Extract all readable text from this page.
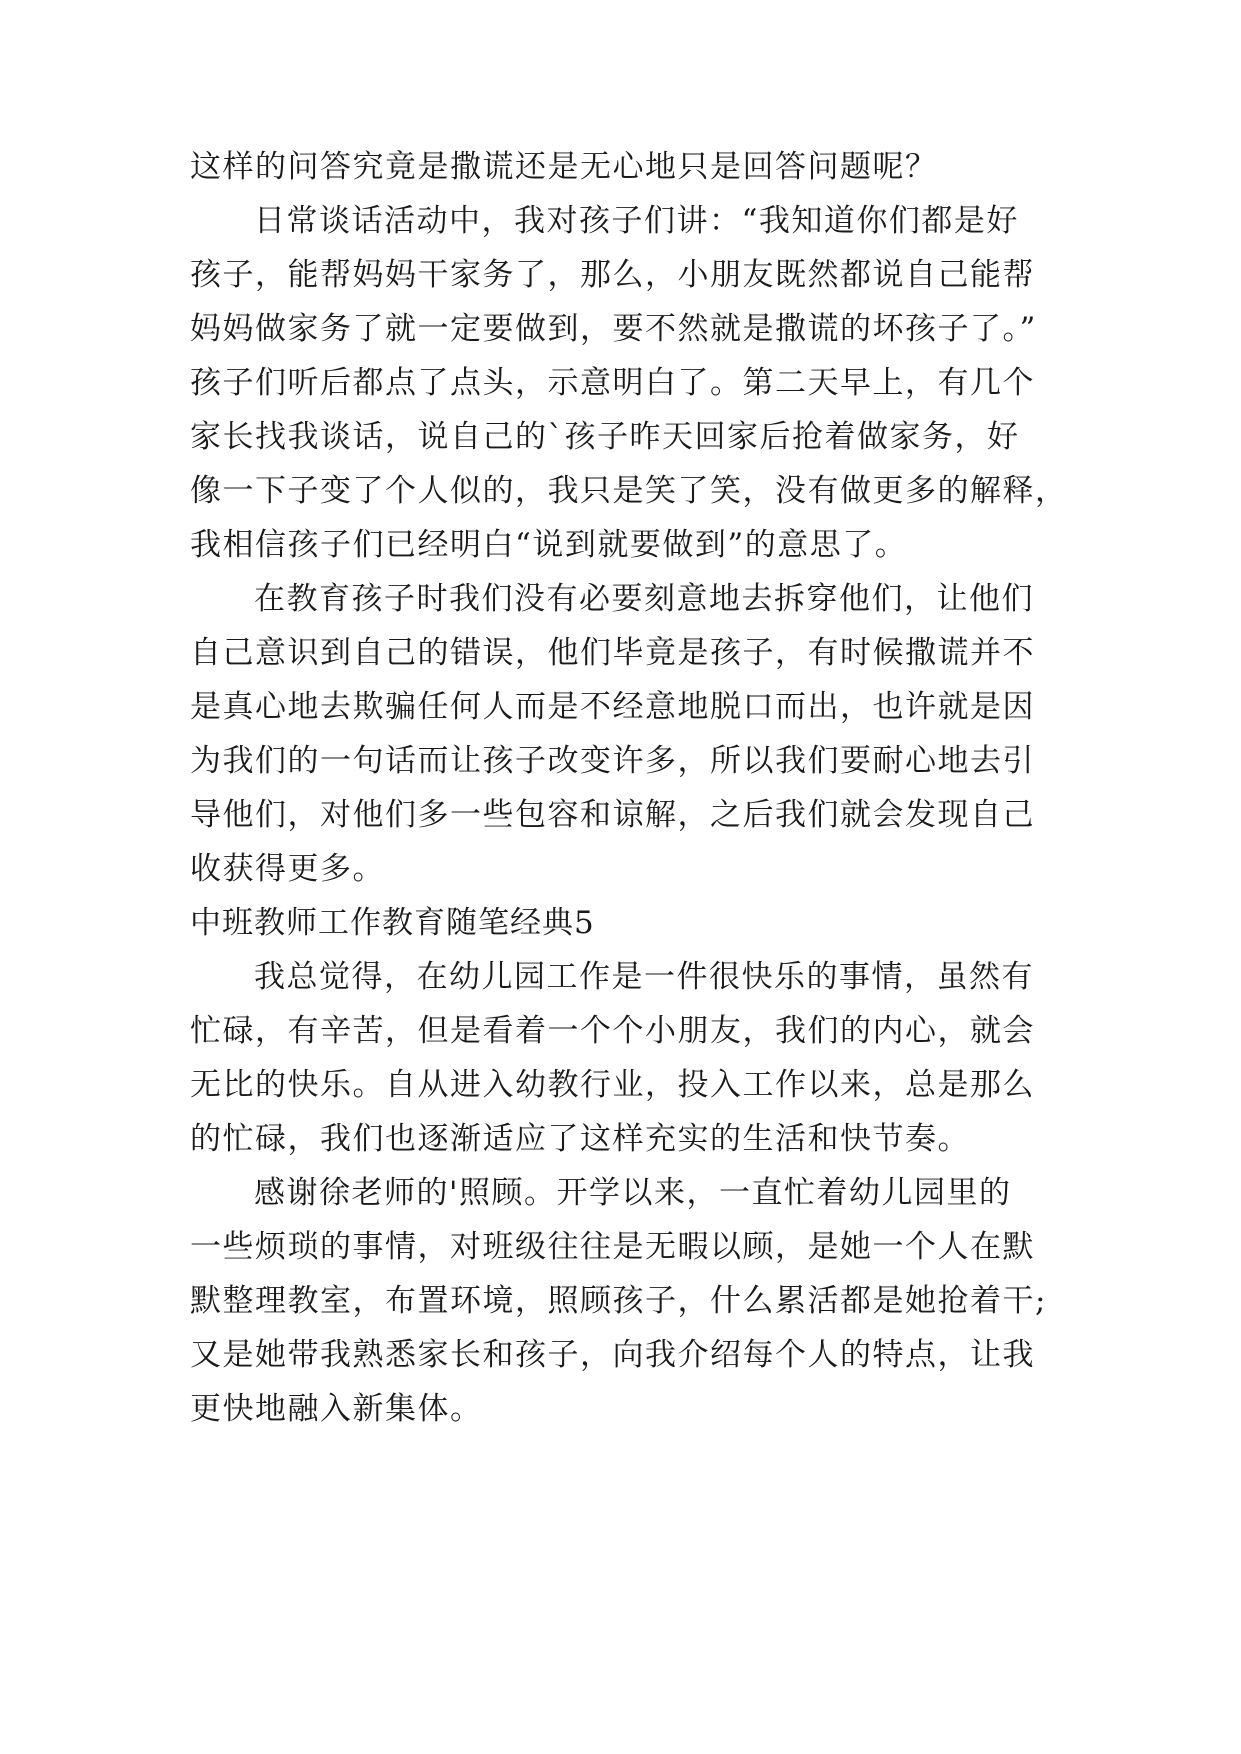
这样的问答究竟是撒谎还是无心地只是回答问题呢？
日常谈话活动中，我对孩子们讲：“我知道你们都是好
孩子，能帮妈妈干家务了，那么，小朋友既然都说自己能帮
妈妈做家务了就一定要做到，要不然就是撒谎的坏孩子了。”
孩子们听后都点了点头，示意明白了。第二天早上，有几个
家长找我谈话，说自己的`孩子昨天回家后抢着做家务，好
像一下子变了个人似的，我只是笑了笑，没有做更多的解释，
我相信孩子们已经明白“说到就要做到”的意思了。
在教育孩子时我们没有必要刻意地去拆穿他们，让他们
自己意识到自己的错误，他们毕竟是孩子，有时候撒谎并不
是真心地去欺骗任何人而是不经意地脱口而出，也许就是因
为我们的一句话而让孩子改变许多，所以我们要耐心地去引
导他们，对他们多一些包容和谅解，之后我们就会发现自己
收获得更多。
中班教师工作教育随笔经典5
我总觉得，在幼儿园工作是一件很快乐的事情，虽然有
忙碌，有辛苦，但是看着一个个小朋友，我们的内心，就会
无比的快乐。自从进入幼教行业，投入工作以来，总是那么
的忙碌，我们也逐渐适应了这样充实的生活和快节奏。
感谢徐老师的'照顾。开学以来，一直忙着幼儿园里的
一些烦琐的事情，对班级往往是无暇以顾，是她一个人在默
默整理教室，布置环境，照顾孩子，什么累活都是她抢着干;
又是她带我熟悉家长和孩子，向我介绍每个人的特点，让我
更快地融入新集体。
